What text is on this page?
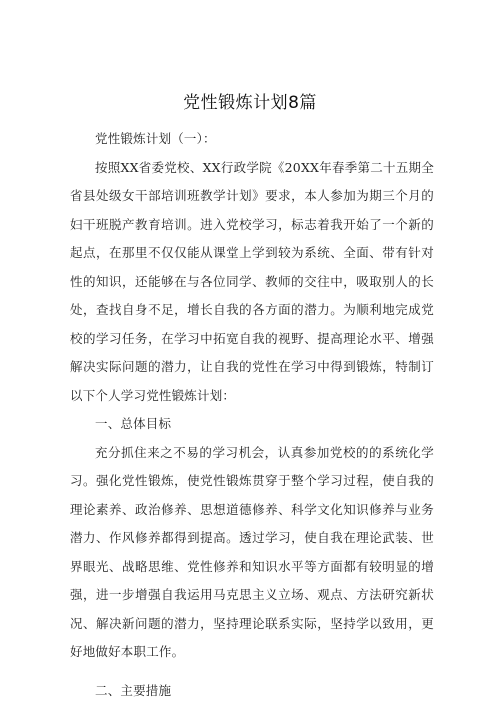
党性锻炼计划8篇

党性锻炼计划（一）：

按照XX省委党校、XX行政学院《20XX年春季第二十五期全省县处级女干部培训班教学计划》要求，本人参加为期三个月的妇干班脱产教育培训。进入党校学习，标志着我开始了一个新的起点，在那里不仅仅能从课堂上学到较为系统、全面、带有针对性的知识，还能够在与各位同学、教师的交往中，吸取别人的长处，查找自身不足，增长自我的各方面的潜力。为顺利地完成党校的学习任务，在学习中拓宽自我的视野、提高理论水平、增强解决实际问题的潜力，让自我的党性在学习中得到锻炼，特制订以下个人学习党性锻炼计划：

一、总体目标

充分抓住来之不易的学习机会，认真参加党校的的系统化学习。强化党性锻炼，使党性锻炼贯穿于整个学习过程，使自我的理论素养、政治修养、思想道德修养、科学文化知识修养与业务潜力、作风修养都得到提高。透过学习，使自我在理论武装、世界眼光、战略思维、党性修养和知识水平等方面都有较明显的增强，进一步增强自我运用马克思主义立场、观点、方法研究新状况、解决新问题的潜力，坚持理论联系实际，坚持学以致用，更好地做好本职工作。

二、主要措施
